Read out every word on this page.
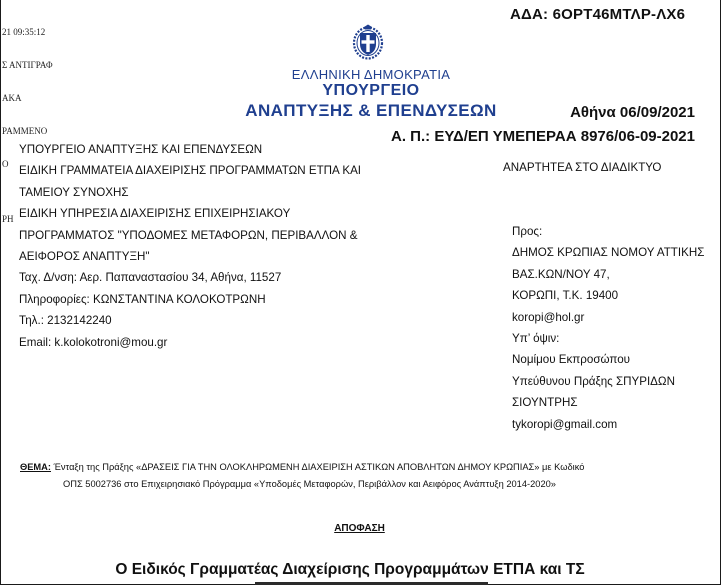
21 09:35:12

Σ ΑΝΤΙΓΡΑΦ

ΑΚΑ

ΡΑΜΜΕΝΟ

Ο

ΡΗ

ΑΔΑ: 6ΟΡΤ46ΜΤΛΡ-ΛΧ6
ΕΛΛΗΝΙΚΗ ΔΗΜΟΚΡΑΤΙΑ
ΥΠΟΥΡΓΕΙΟ
ΑΝΑΠΤΥΞΗΣ & ΕΠΕΝΔΥΣΕΩΝ	Αθήνα 06/09/2021
Α. Π.: ΕΥΔ/ΕΠ ΥΜΕΠΕΡΑΑ 8976/06-09-2021
ΥΠΟΥΡΓΕΙΟ ΑΝΑΠΤΥΞΗΣ ΚΑΙ ΕΠΕΝΔΥΣΕΩΝ
ΕΙΔΙΚΗ ΓΡΑΜΜΑΤΕΙΑ ΔΙΑΧΕΙΡΙΣΗΣ ΠΡΟΓΡΑΜΜΑΤΩΝ ΕΤΠΑ ΚΑΙ
ΤΑΜΕΙΟΥ ΣΥΝΟΧΗΣ
ΕΙΔΙΚΗ ΥΠΗΡΕΣΙΑ ΔΙΑΧΕΙΡΙΣΗΣ ΕΠΙΧΕΙΡΗΣΙΑΚΟΥ
ΠΡΟΓΡΑΜΜΑΤΟΣ "ΥΠΟΔΟΜΕΣ ΜΕΤΑΦΟΡΩΝ, ΠΕΡΙΒΑΛΛΟΝ &
ΑΕΙΦΟΡΟΣ ΑΝΑΠΤΥΞΗ"
Ταχ. Δ/νση: Αερ. Παπαναστασίου 34, Αθήνα, 11527
Πληροφορίες: ΚΩΝΣΤΑΝΤΙΝΑ ΚΟΛΟΚΟΤΡΩΝΗ
Τηλ.: 2132142240
Email: k.kolokotroni@mou.gr
ΑΝΑΡΤΗΤΕΑ ΣΤΟ ΔΙΑΔΙΚΤΥΟ
Προς:
ΔΗΜΟΣ ΚΡΩΠΙΑΣ ΝΟΜΟΥ ΑΤΤΙΚΗΣ
ΒΑΣ.ΚΩΝ/ΝΟΥ 47,
ΚΟΡΩΠΙ, Τ.Κ. 19400
koropi@hol.gr
Υπ’ όψιν:
Νομίμου Εκπροσώπου
Υπεύθυνου Πράξης ΣΠΥΡΙΔΩΝ
ΣΙΟΥΝΤΡΗΣ
tykoropi@gmail.com
ΘΕΜΑ: Ένταξη της Πράξης «ΔΡΑΣΕΙΣ ΓΙΑ ΤΗΝ ΟΛΟΚΛΗΡΩΜΕΝΗ ΔΙΑΧΕΙΡΙΣΗ ΑΣΤΙΚΩΝ ΑΠΟΒΛΗΤΩΝ ΔΗΜΟΥ ΚΡΩΠΙΑΣ» με Κωδικό
ΟΠΣ 5002736 στο Επιχειρησιακό Πρόγραμμα «Υποδομές Μεταφορών, Περιβάλλον και Αειφόρος Ανάπτυξη 2014-2020»
ΑΠΟΦΑΣΗ
Ο Ειδικός Γραμματέας Διαχείρισης Προγραμμάτων ΕΤΠΑ και ΤΣ
